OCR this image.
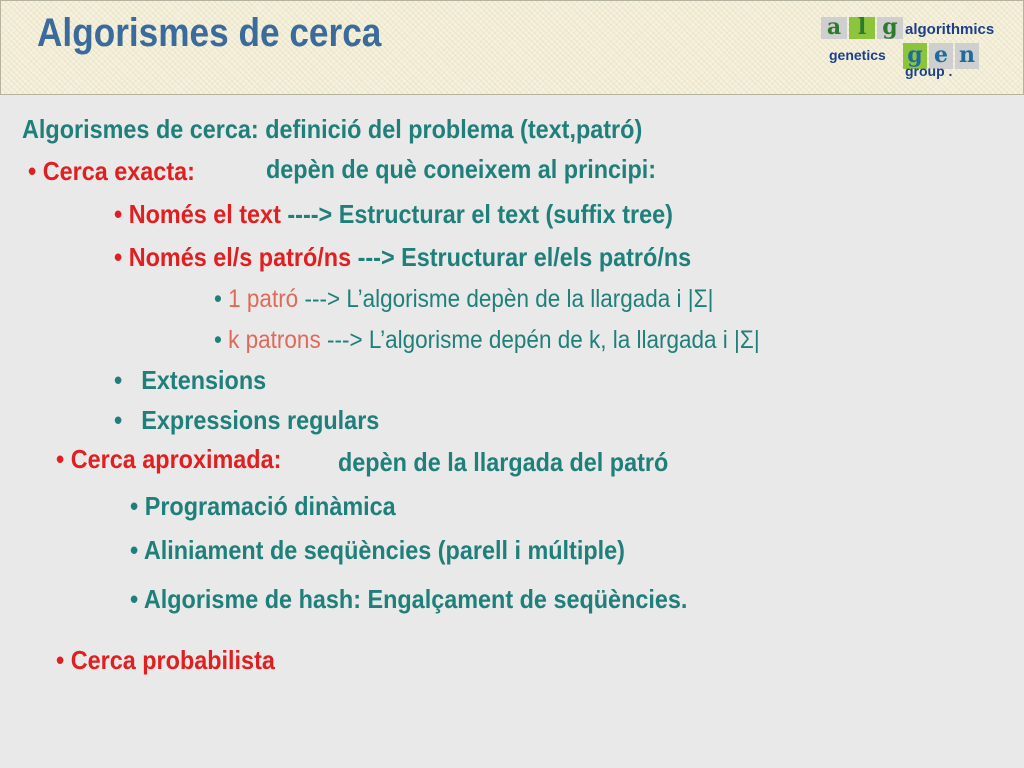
Algorismes de cerca	a l g algorithmics
genetics g e n
group .
Algorismes de cerca: definició del problema (text,patró)
• Cerca exacta:	depèn de què coneixem al principi:
• Només el text ----> Estructurar el text (suffix tree)
• Només el/s patró/ns ---> Estructurar el/els patró/ns
• 1 patró ---> L’algorisme depèn de la llargada i |Σ|
• k patrons ---> L’algorisme depén de k, la llargada i |Σ|
• Extensions
• Expressions regulars
• Cerca aproximada: depèn de la llargada del patró
• Programació dinàmica
• Aliniament de seqüències (parell i múltiple)
• Algorisme de hash: Engalçament de seqüències.
• Cerca probabilista
